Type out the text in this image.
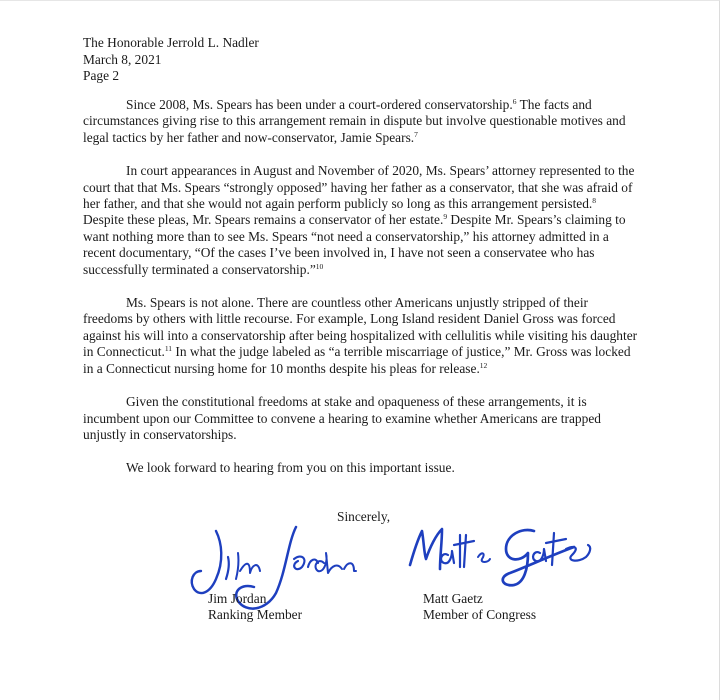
The Honorable Jerrold L. Nadler
March 8, 2021
Page 2

Since 2008, Ms. Spears has been under a court-ordered conservatorship.$^6$ The facts and circumstances giving rise to this arrangement remain in dispute but involve questionable motives and legal tactics by her father and now-conservator, Jamie Spears.$^7$

In court appearances in August and November of 2020, Ms. Spears’ attorney represented to the court that that Ms. Spears “strongly opposed” having her father as a conservator, that she was afraid of her father, and that she would not again perform publicly so long as this arrangement persisted.$^8$ Despite these pleas, Mr. Spears remains a conservator of her estate.$^9$ Despite Mr. Spears’s claiming to want nothing more than to see Ms. Spears “not need a conservatorship,” his attorney admitted in a recent documentary, “Of the cases I’ve been involved in, I have not seen a conservatee who has successfully terminated a conservatorship.”$^{10}$

Ms. Spears is not alone. There are countless other Americans unjustly stripped of their freedoms by others with little recourse. For example, Long Island resident Daniel Gross was forced against his will into a conservatorship after being hospitalized with cellulitis while visiting his daughter in Connecticut.$^{11}$ In what the judge labeled as “a terrible miscarriage of justice,” Mr. Gross was locked in a Connecticut nursing home for 10 months despite his pleas for release.$^{12}$

Given the constitutional freedoms at stake and opaqueness of these arrangements, it is incumbent upon our Committee to convene a hearing to examine whether Americans are trapped unjustly in conservatorships.

We look forward to hearing from you on this important issue.

Sincerely,
Jim Jordan
Ranking Member
Matt Gaetz
Member of Congress
